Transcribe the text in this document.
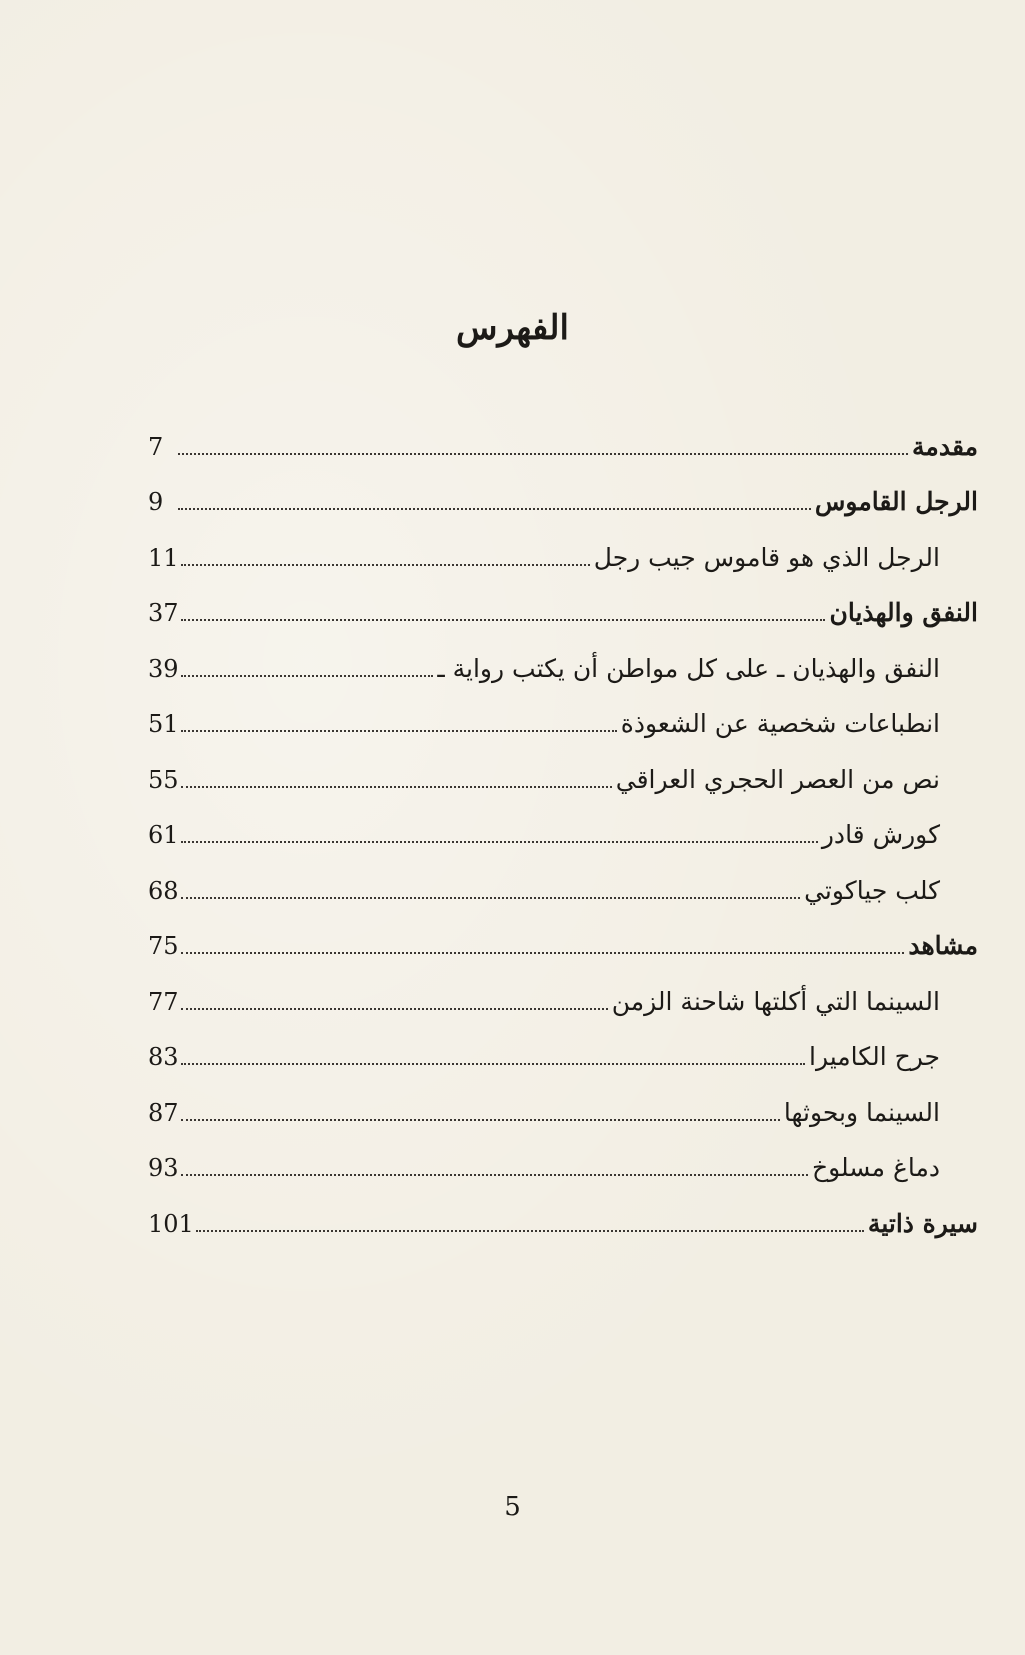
الفهرس
مقدمة
7
الرجل القاموس
9
الرجل الذي هو قاموس جيب رجل
11
النفق والهذيان
37
النفق والهذيان ـ على كل مواطن أن يكتب رواية ـ
39
انطباعات شخصية عن الشعوذة
51
نص من العصر الحجري العراقي
55
كورش قادر
61
كلب جياكوتي
68
مشاهد
75
السينما التي أكلتها شاحنة الزمن
77
جرح الكاميرا
83
السينما وبحوثها
87
دماغ مسلوخ
93
سيرة ذاتية
101
5
